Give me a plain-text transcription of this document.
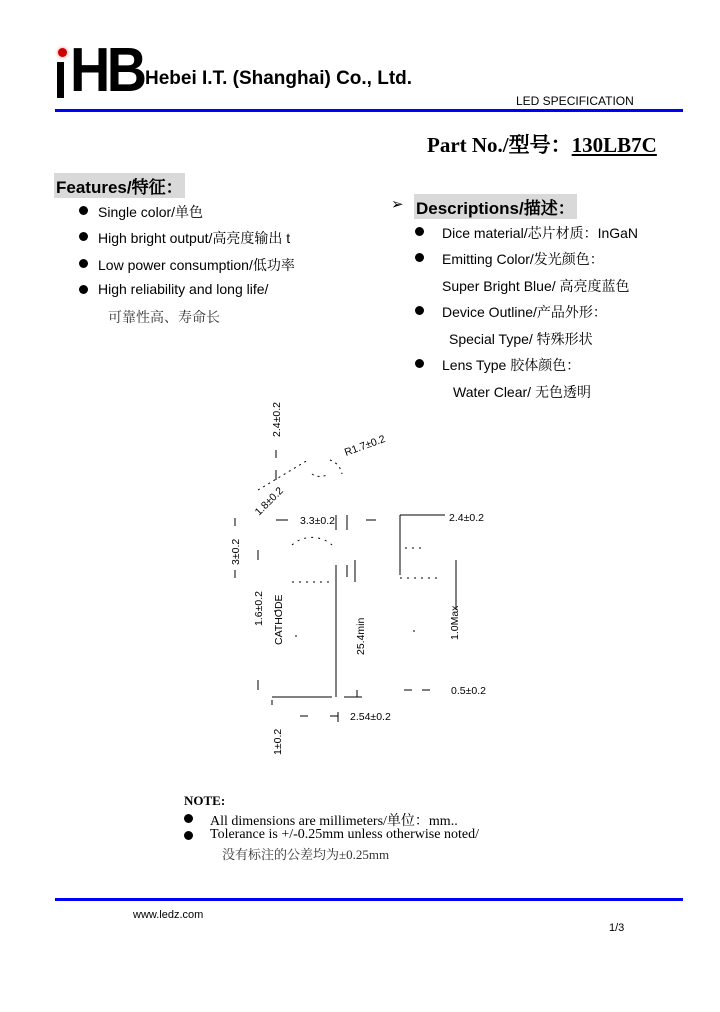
HB
Hebei I.T. (Shanghai) Co., Ltd.
LED SPECIFICATION
Part No./型号：130LB7C
Features/特征：
Single color/单色
High bright output/高亮度输出 t
Low power consumption/低功率
High reliability and long life/
可靠性高、寿命长
➢ Descriptions/描述：
Dice material/芯片材质：InGaN
Emitting Color/发光颜色：
Super Bright Blue/ 高亮度蓝色
Device Outline/产品外形：
Special Type/ 特殊形状
Lens Type 胶体颜色：
Water Clear/ 无色透明
2.4±0.2
R1.7±0.2
1.8±0.2
3.3±0.2	2.4±0.2
3±0.2
1.6±0.2 CATHODE	25.4min	1.0Max
0.5±0.2
2.54±0.2
1±0.2
NOTE:
All dimensions are millimeters/单位：mm..
Tolerance is +/-0.25mm unless otherwise noted/
没有标注的公差均为±0.25mm
www.ledz.com
1/3
